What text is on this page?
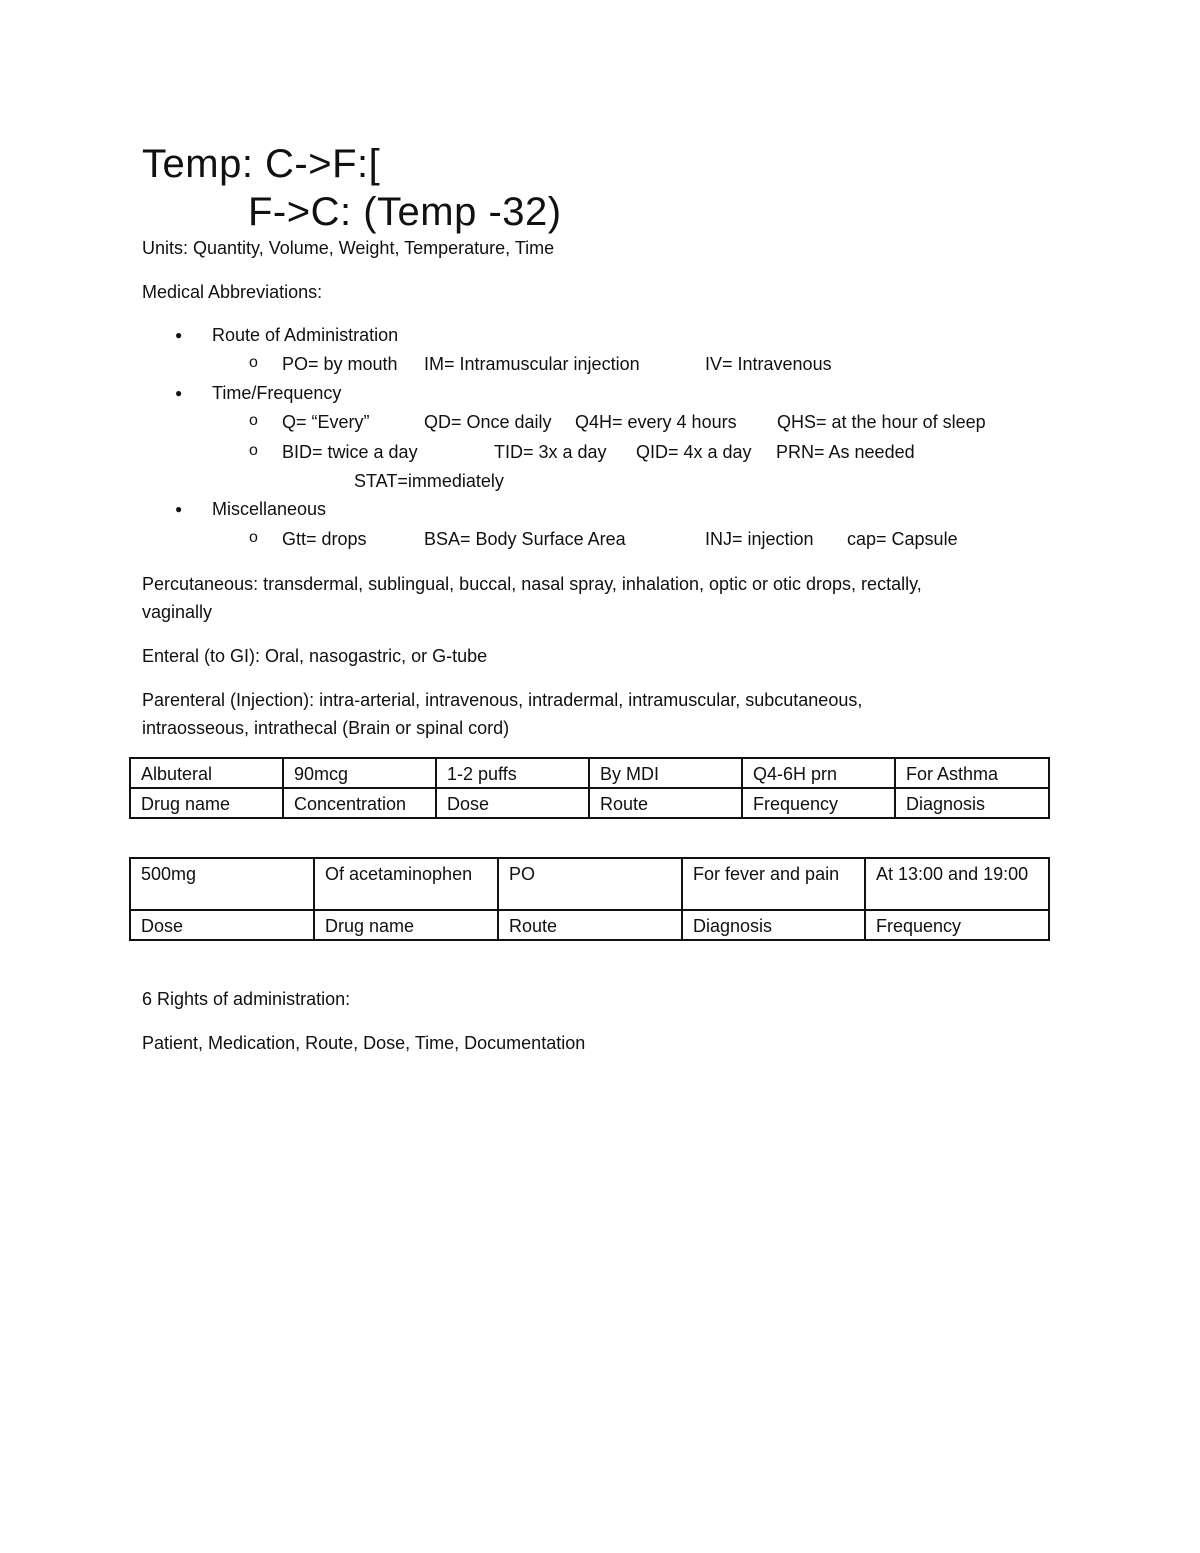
Temp: C->F:[
F->C: (Temp -32)
Units: Quantity, Volume, Weight, Temperature, Time
Medical Abbreviations:
● Route of Administration
o PO= by mouth IM= Intramuscular injection	IV= Intravenous
● Time/Frequency
o Q= “Every”	QD= Once daily Q4H= every 4 hours QHS= at the hour of sleep
o BID= twice a day	TID= 3x a day QID= 4x a day PRN= As needed
STAT=immediately
● Miscellaneous
o Gtt= drops	BSA= Body Surface Area	INJ= injection cap= Capsule
Percutaneous: transdermal, sublingual, buccal, nasal spray, inhalation, optic or otic drops, rectally,
vaginally
Enteral (to GI): Oral, nasogastric, or G-tube
Parenteral (Injection): intra-arterial, intravenous, intradermal, intramuscular, subcutaneous,
intraosseous, intrathecal (Brain or spinal cord)
Albuteral	90mcg	1-2 puffs	By MDI	Q4-6H prn	For Asthma
Drug name	Concentration	Dose	Route	Frequency	Diagnosis
500mg	Of acetaminophen	PO	For fever and pain	At 13:00 and 19:00
Dose	Drug name	Route	Diagnosis	Frequency
6 Rights of administration:
Patient, Medication, Route, Dose, Time, Documentation
